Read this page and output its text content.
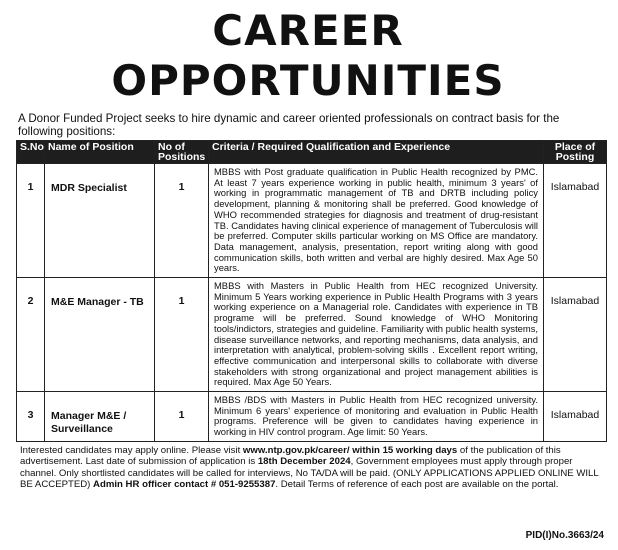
CAREER OPPORTUNITIES
A Donor Funded Project seeks to hire dynamic and career oriented professionals on contract basis for the following positions:
S.No	Name of Position	No of Positions	Criteria / Required Qualification and Experience	Place of Posting
1	MDR Specialist	1	MBBS with Post graduate qualification in Public Health recognized by PMC. At least 7 years experience working in public health, minimum 3 years' of working in programmatic management of TB and DRTB including policy development, planning & monitoring shall be preferred. Good knowledge of WHO recommended strategies for diagnosis and treatment of drug-resistant TB. Candidates having clinical experience of management of Tuberculosis will be preferred. Computer skills particular working on MS Office are mandatory. Data management, analysis, presentation, report writing along with good communication skills, both written and verbal are highly desired. Max Age 50 years.	Islamabad
2	M&E Manager - TB	1	MBBS with Masters in Public Health from HEC recognized University. Minimum 5 Years working experience in Public Health Programs with 3 years working experience on a Managerial role. Candidates with experience in TB programe will be preferred. Sound knowledge of WHO Monitoring tools/indictors, strategies and guideline. Familiarity with public health systems, disease surveillance networks, and reporting mechanisms, data analysis, and interpretation with analytical, problem-solving skills . Excellent report writing, effective communication and interpersonal skills to collaborate with diverse stakeholders with strong organizational and project management abilities is required. Max Age 50 Years.	Islamabad
3	Manager M&E / Surveillance	1	MBBS /BDS with Masters in Public Health from HEC recognized university. Minimum 6 years' experience of monitoring and evaluation in Public Health programs. Preference will be given to candidates having experience in working in HIV control program. Age limit: 50 Years.	Islamabad
Interested candidates may apply online. Please visit www.ntp.gov.pk/career/ within 15 working days of the publication of this advertisement. Last date of submission of application is 18th December 2024, Government employees must apply through proper channel. Only shortlisted candidates will be called for interviews, No TA/DA will be paid. (ONLY APPLICATIONS APPLIED ONLINE WILL BE ACCEPTED) Admin HR officer contact # 051-9255387. Detail Terms of reference of each post are available on the portal.
PID(I)No.3663/24
